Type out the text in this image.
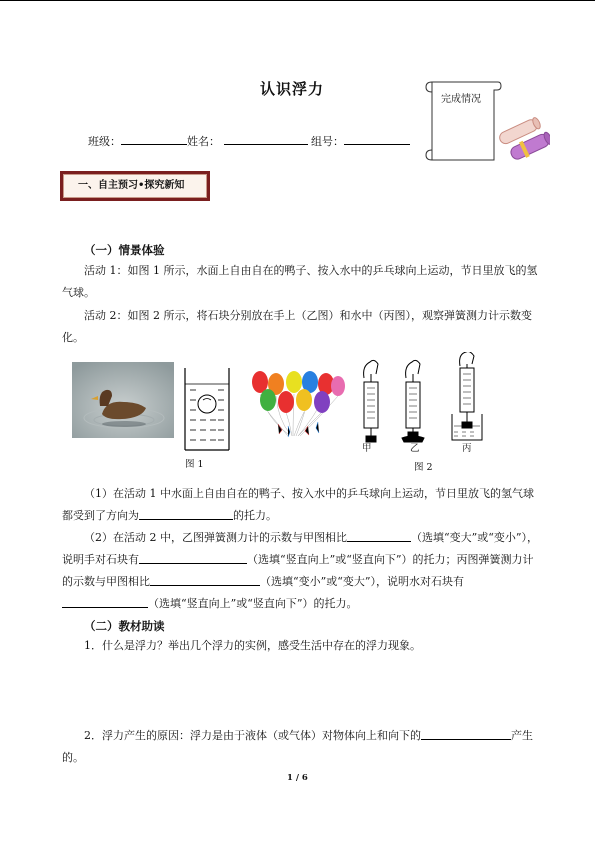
认识浮力
完成情况
班级：	姓名：	组号：
一、自主预习•探究新知
（一）情景体验

活动 1：如图 1 所示，水面上自由自在的鸭子、按入水中的乒乓球向上运动，节日里放飞的氢气球。

活动 2：如图 2 所示，将石块分别放在手上（乙图）和水中（丙图），观察弹簧测力计示数变化。

甲	乙	丙
图 1	图 2

（1）在活动 1 中水面上自由自在的鸭子、按入水中的乒乓球向上运动，节日里放飞的氢气球都受到了方向为	的托力。

（2）在活动 2 中，乙图弹簧测力计的示数与甲图相比	（选填“变大”或“变小”），说明手对石块有	（选填“竖直向上”或“竖直向下”）的托力；丙图弹簧测力计的示数与甲图相比	（选填“变小”或“变大”），说明水对石块有（选填“竖直向上”或“竖直向下”）的托力。

（二）教材助读
1．什么是浮力？举出几个浮力的实例，感受生活中存在的浮力现象。

2．浮力产生的原因：浮力是由于液体（或气体）对物体向上和向下的	产生的。

1 / 6
